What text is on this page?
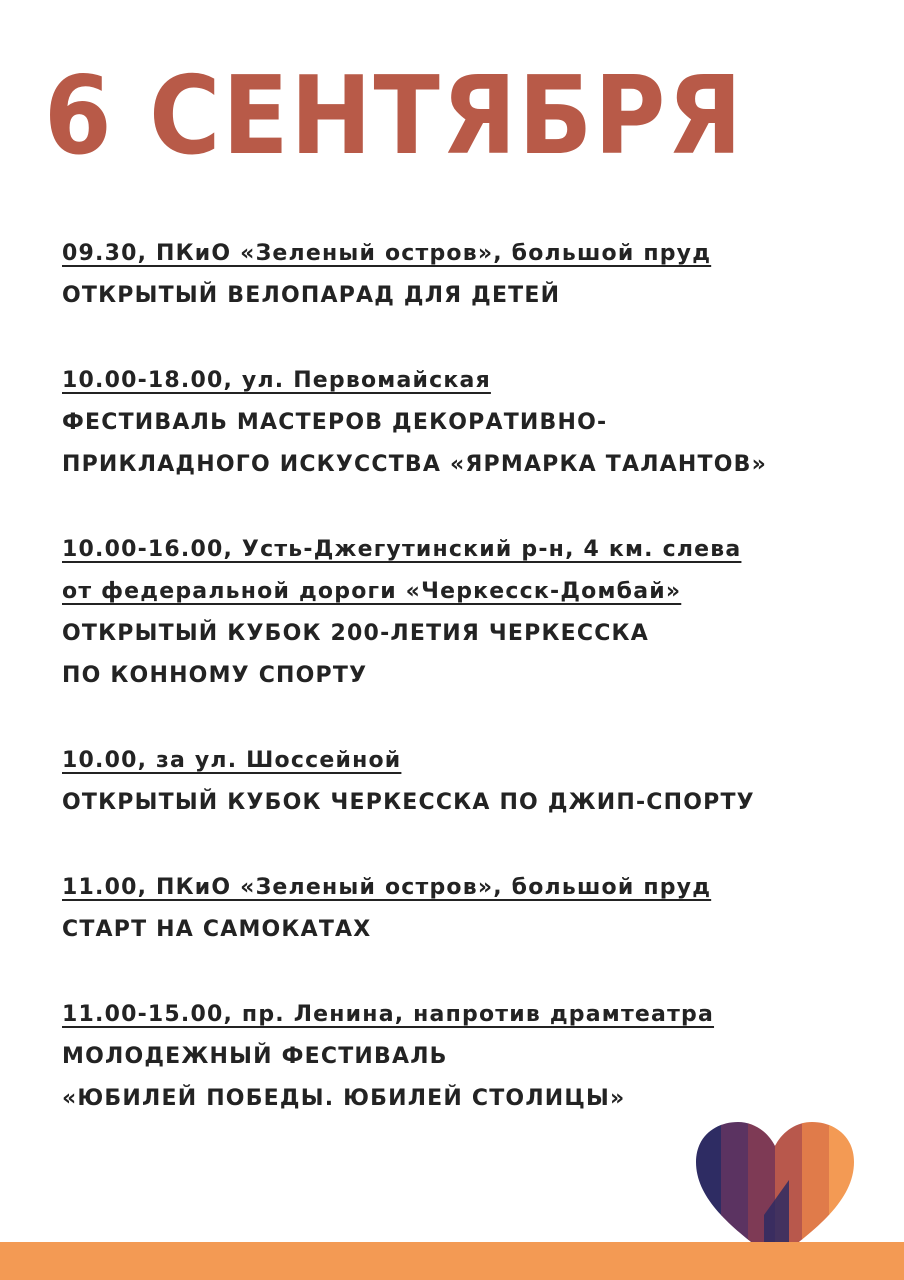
6 СЕНТЯБРЯ
09.30, ПКиО «Зеленый остров», большой пруд
ОТКРЫТЫЙ ВЕЛОПАРАД ДЛЯ ДЕТЕЙ
10.00-18.00, ул. Первомайская
ФЕСТИВАЛЬ МАСТЕРОВ ДЕКОРАТИВНО-
ПРИКЛАДНОГО ИСКУССТВА «ЯРМАРКА ТАЛАНТОВ»
10.00-16.00, Усть-Джегутинский р-н, 4 км. слева
от федеральной дороги «Черкесск-Домбай»
ОТКРЫТЫЙ КУБОК 200-ЛЕТИЯ ЧЕРКЕССКА
ПО КОННОМУ СПОРТУ
10.00, за ул. Шоссейной
ОТКРЫТЫЙ КУБОК ЧЕРКЕССКА ПО ДЖИП-СПОРТУ
11.00, ПКиО «Зеленый остров», большой пруд
СТАРТ НА САМОКАТАХ
11.00-15.00, пр. Ленина, напротив драмтеатра
МОЛОДЕЖНЫЙ ФЕСТИВАЛЬ
«ЮБИЛЕЙ ПОБЕДЫ. ЮБИЛЕЙ СТОЛИЦЫ»
